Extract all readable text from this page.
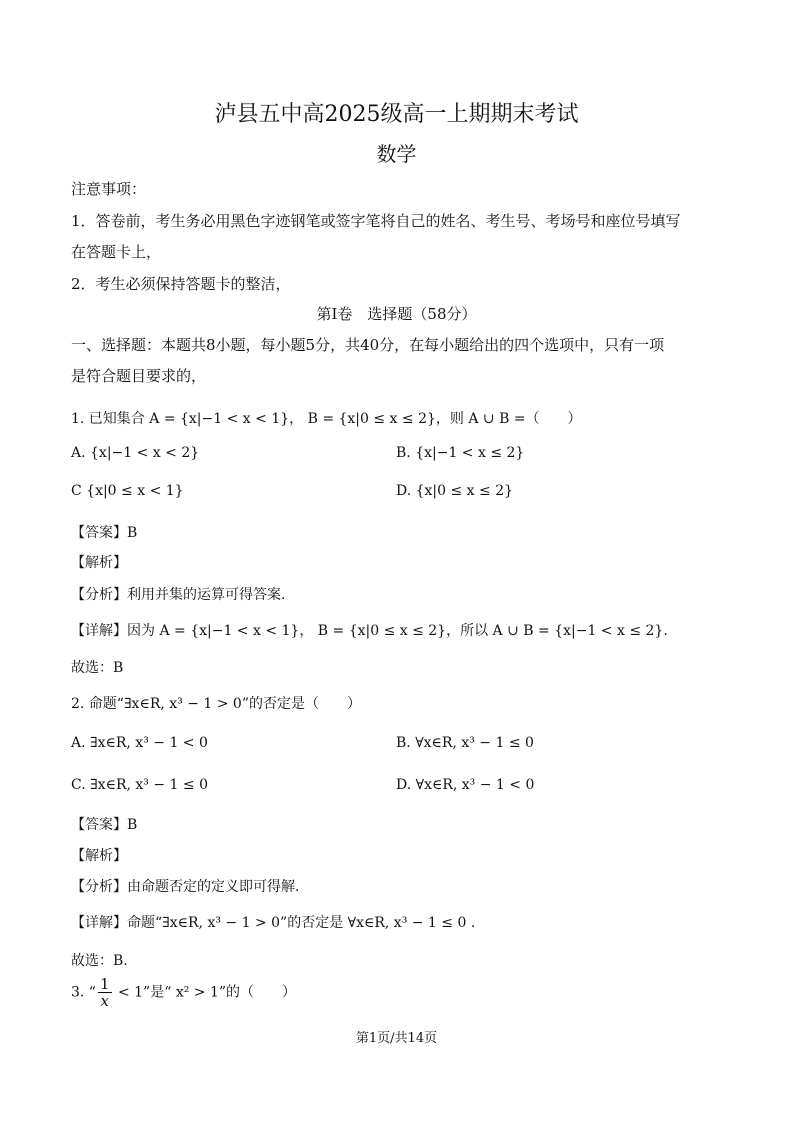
泸县五中高2025级高一上期期末考试
数学
注意事项：
1．答卷前，考生务必用黑色字迹钢笔或签字笔将自己的姓名、考生号、考场号和座位号填写
在答题卡上，
2．考生必须保持答题卡的整洁，
第Ⅰ卷　选择题（58分）
一、选择题：本题共8小题，每小题5分，共40分，在每小题给出的四个选项中，只有一项
是符合题目要求的，
1. 已知集合 A = {x|−1 < x < 1}， B = {x|0 ≤ x ≤ 2}，则 A ∪ B =（　　）
A. {x|−1 < x < 2}	B. {x|−1 < x ≤ 2}
C {x|0 ≤ x < 1}	D. {x|0 ≤ x ≤ 2}
【答案】B
【解析】
【分析】利用并集的运算可得答案.
【详解】因为 A = {x|−1 < x < 1}， B = {x|0 ≤ x ≤ 2}，所以 A ∪ B = {x|−1 < x ≤ 2}.
故选：B
2. 命题“∃x∈R, x³ − 1 > 0”的否定是（　　）
A. ∃x∈R, x³ − 1 < 0	B. ∀x∈R, x³ − 1 ≤ 0
C. ∃x∈R, x³ − 1 ≤ 0	D. ∀x∈R, x³ − 1 < 0
【答案】B
【解析】
【分析】由命题否定的定义即可得解.
【详解】命题“∃x∈R, x³ − 1 > 0”的否定是 ∀x∈R, x³ − 1 ≤ 0 .
故选：B.
3. “ $\frac{1}{x} < 1$”是“ x² > 1”的（　　）
第1页/共14页
